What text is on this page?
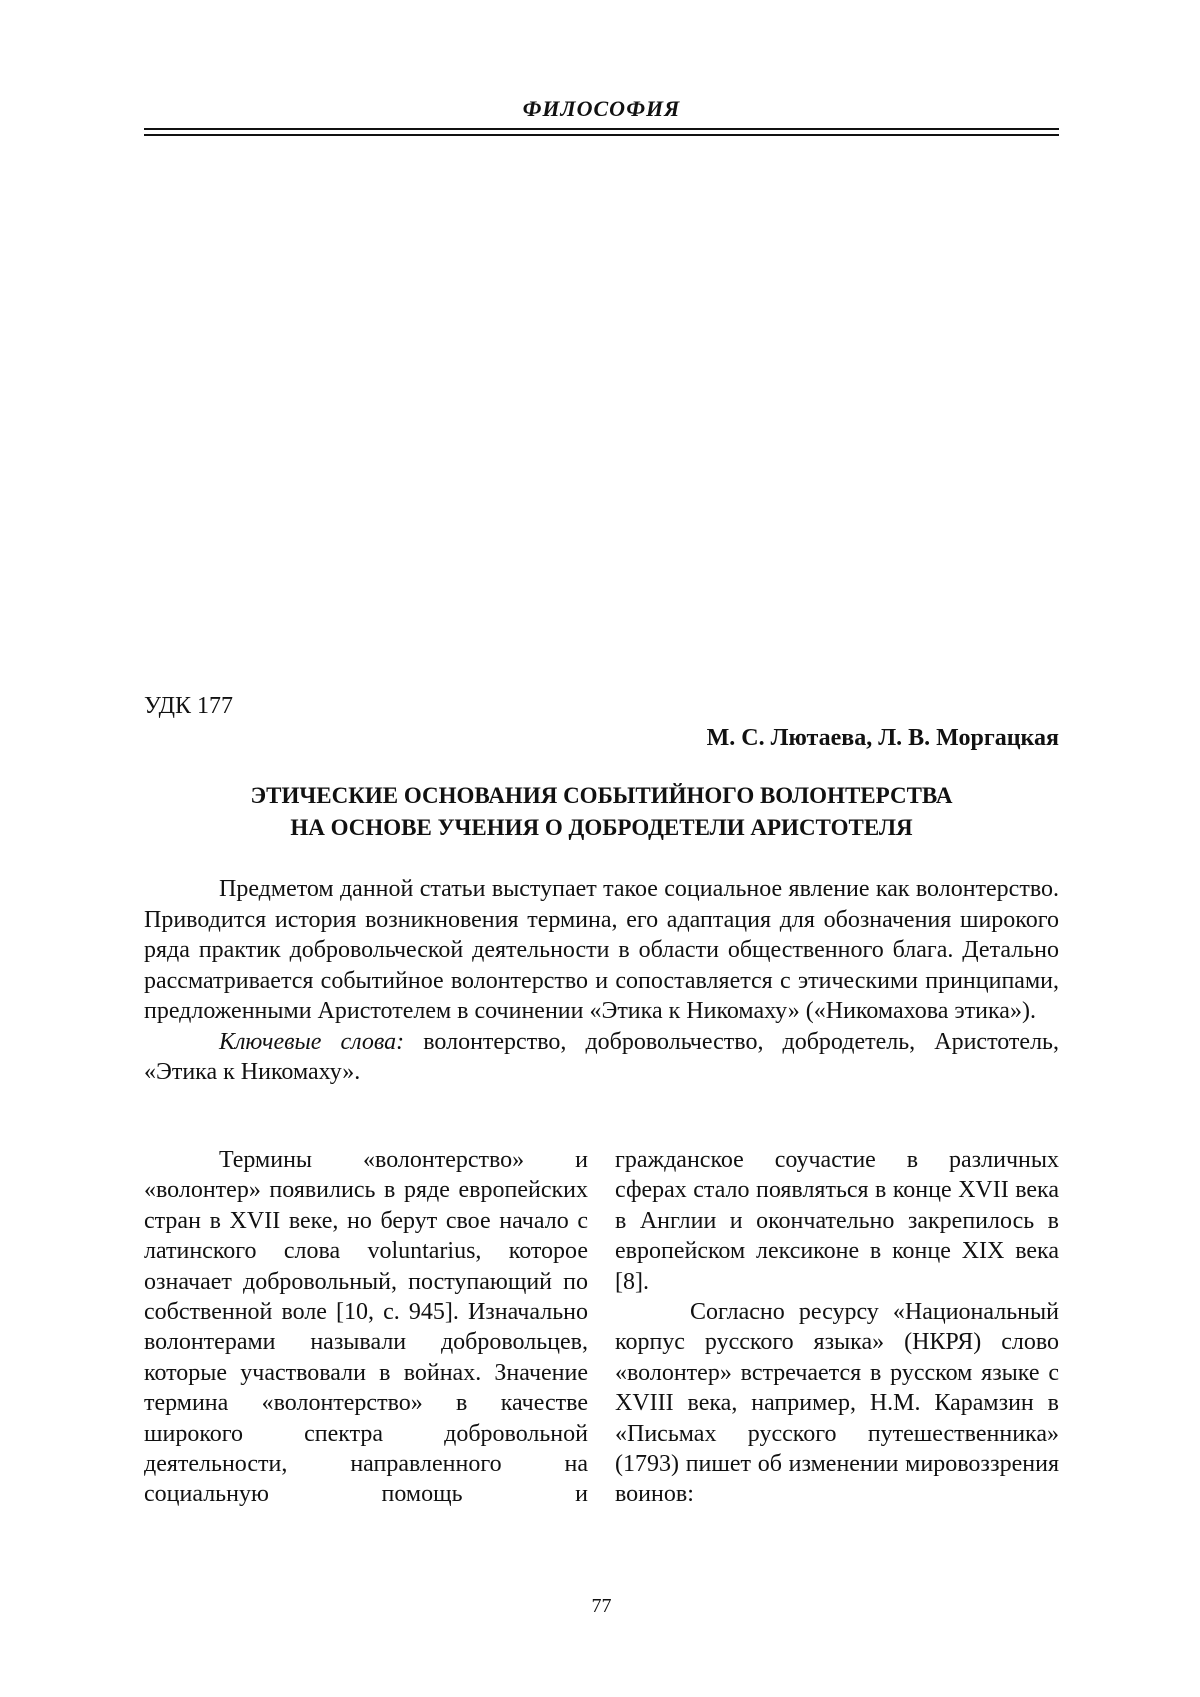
ФИЛОСОФИЯ
УДК 177
М. С. Лютаева, Л. В. Моргацкая
ЭТИЧЕСКИЕ ОСНОВАНИЯ СОБЫТИЙНОГО ВОЛОНТЕРСТВА
НА ОСНОВЕ УЧЕНИЯ О ДОБРОДЕТЕЛИ АРИСТОТЕЛЯ

Предметом данной статьи выступает такое социальное явление как волонтерство. Приводится история возникновения термина, его адаптация для обозначения широкого ряда практик добровольческой деятельности в области общественного блага. Детально рассматривается событийное волонтерство и сопоставляется с этическими принципами, предложенными Аристотелем в сочинении «Этика к Никомаху» («Никомахова этика»).

Ключевые слова: волонтерство, добровольчество, добродетель, Аристотель, «Этика к Никомаху».

Термины «волонтерство» и «волонтер» появились в ряде европейских стран в XVII веке, но берут свое начало с латинского слова voluntarius, которое означает добровольный, поступающий по собственной воле [10, с. 945]. Изначально волонтерами называли добровольцев, которые участвовали в войнах. Значение термина «волонтерство» в качестве широкого спектра добровольной деятельности, направленного на социальную помощь и

гражданское соучастие в различных сферах стало появляться в конце XVII века в Англии и окончательно закрепилось в европейском лексиконе в конце XIX века [8].

Согласно ресурсу «Национальный корпус русского языка» (НКРЯ) слово «волонтер» встречается в русском языке с XVIII века, например, Н.М. Карамзин в «Письмах русского путешественника» (1793) пишет об изменении мировоззрения воинов:

77
